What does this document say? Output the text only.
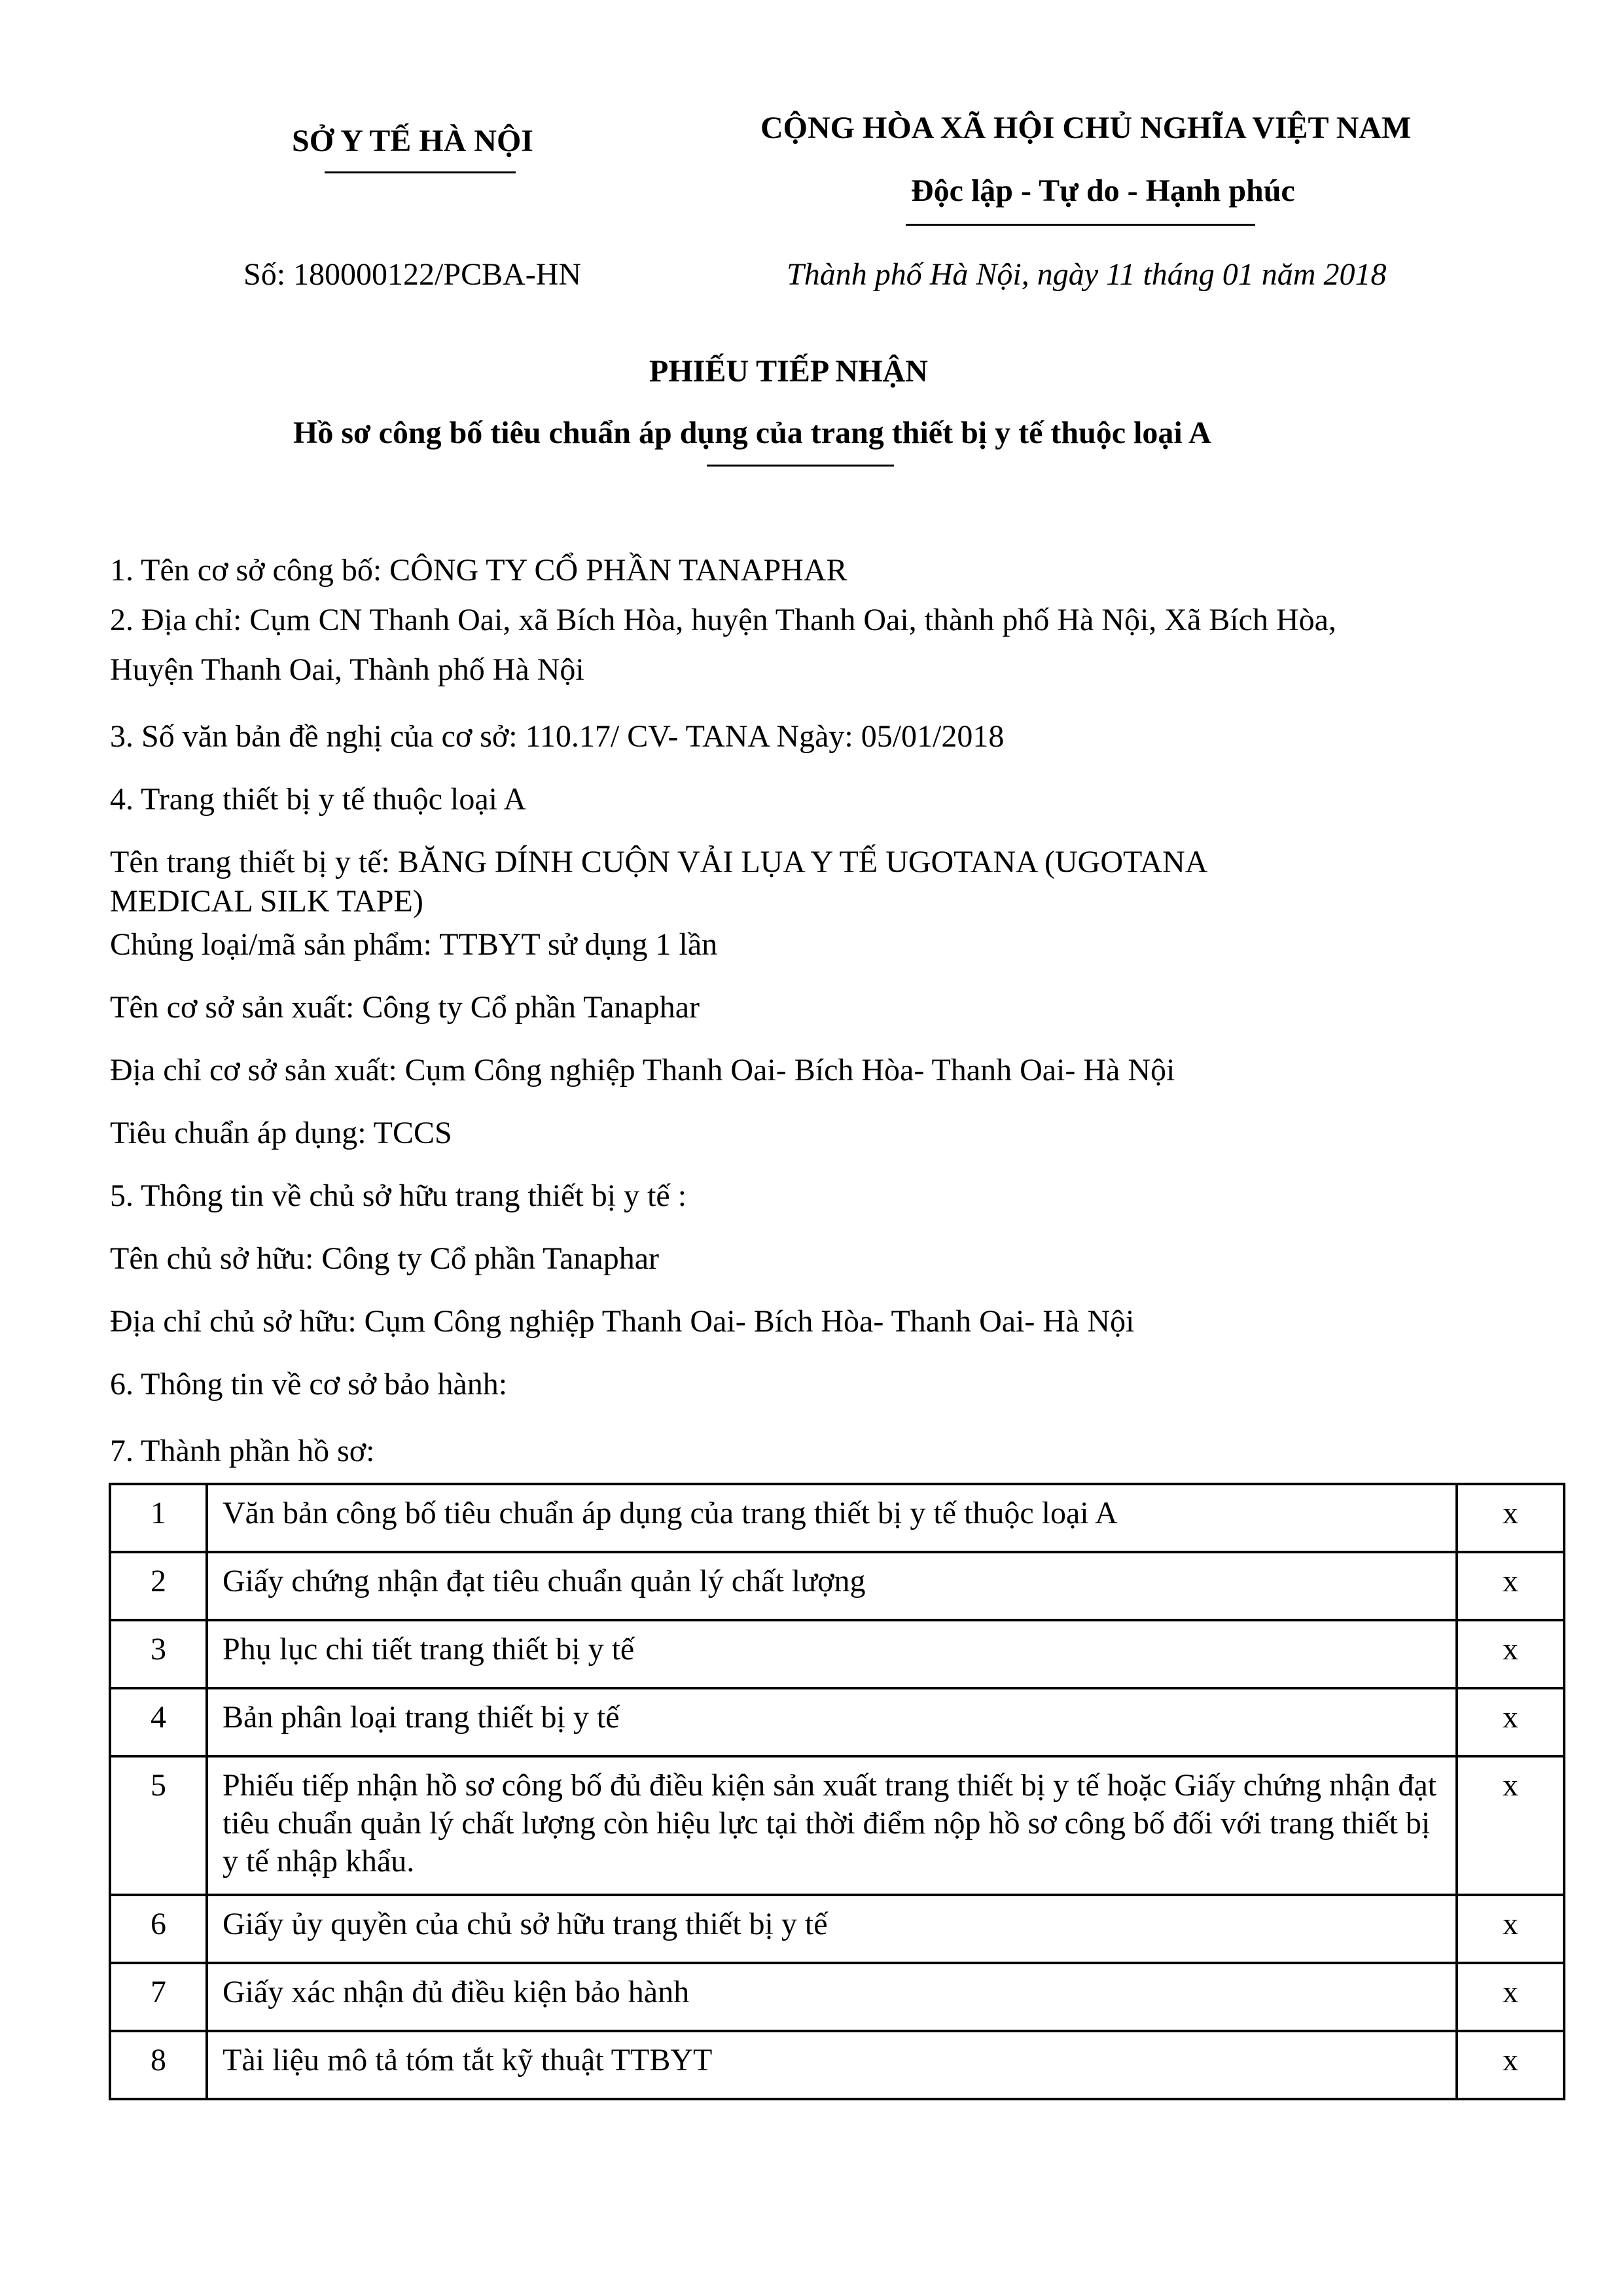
SỞ Y TẾ HÀ NỘI	CỘNG HÒA XÃ HỘI CHỦ NGHĨA VIỆT NAM
Độc lập - Tự do - Hạnh phúc
Số: 180000122/PCBA-HN	Thành phố Hà Nội, ngày 11 tháng 01 năm 2018
PHIẾU TIẾP NHẬN
Hồ sơ công bố tiêu chuẩn áp dụng của trang thiết bị y tế thuộc loại A
1. Tên cơ sở công bố: CÔNG TY CỔ PHẦN TANAPHAR
2. Địa chỉ: Cụm CN Thanh Oai, xã Bích Hòa, huyện Thanh Oai, thành phố Hà Nội, Xã Bích Hòa,
Huyện Thanh Oai, Thành phố Hà Nội
3. Số văn bản đề nghị của cơ sở: 110.17/ CV- TANA Ngày: 05/01/2018
4. Trang thiết bị y tế thuộc loại A
Tên trang thiết bị y tế: BĂNG DÍNH CUỘN VẢI LỤA Y TẾ UGOTANA (UGOTANA
MEDICAL SILK TAPE)
Chủng loại/mã sản phẩm: TTBYT sử dụng 1 lần
Tên cơ sở sản xuất: Công ty Cổ phần Tanaphar
Địa chỉ cơ sở sản xuất: Cụm Công nghiệp Thanh Oai- Bích Hòa- Thanh Oai- Hà Nội
Tiêu chuẩn áp dụng: TCCS
5. Thông tin về chủ sở hữu trang thiết bị y tế :
Tên chủ sở hữu: Công ty Cổ phần Tanaphar
Địa chỉ chủ sở hữu: Cụm Công nghiệp Thanh Oai- Bích Hòa- Thanh Oai- Hà Nội
6. Thông tin về cơ sở bảo hành:
7. Thành phần hồ sơ:
1	Văn bản công bố tiêu chuẩn áp dụng của trang thiết bị y tế thuộc loại A	x
2	Giấy chứng nhận đạt tiêu chuẩn quản lý chất lượng	x
3	Phụ lục chi tiết trang thiết bị y tế	x
4	Bản phân loại trang thiết bị y tế	x
5	Phiếu tiếp nhận hồ sơ công bố đủ điều kiện sản xuất trang thiết bị y tế hoặc Giấy chứng nhận đạt tiêu chuẩn quản lý chất lượng còn hiệu lực tại thời điểm nộp hồ sơ công bố đối với trang thiết bị y tế nhập khẩu.	x
6	Giấy ủy quyền của chủ sở hữu trang thiết bị y tế	x
7	Giấy xác nhận đủ điều kiện bảo hành	x
8	Tài liệu mô tả tóm tắt kỹ thuật TTBYT	x
